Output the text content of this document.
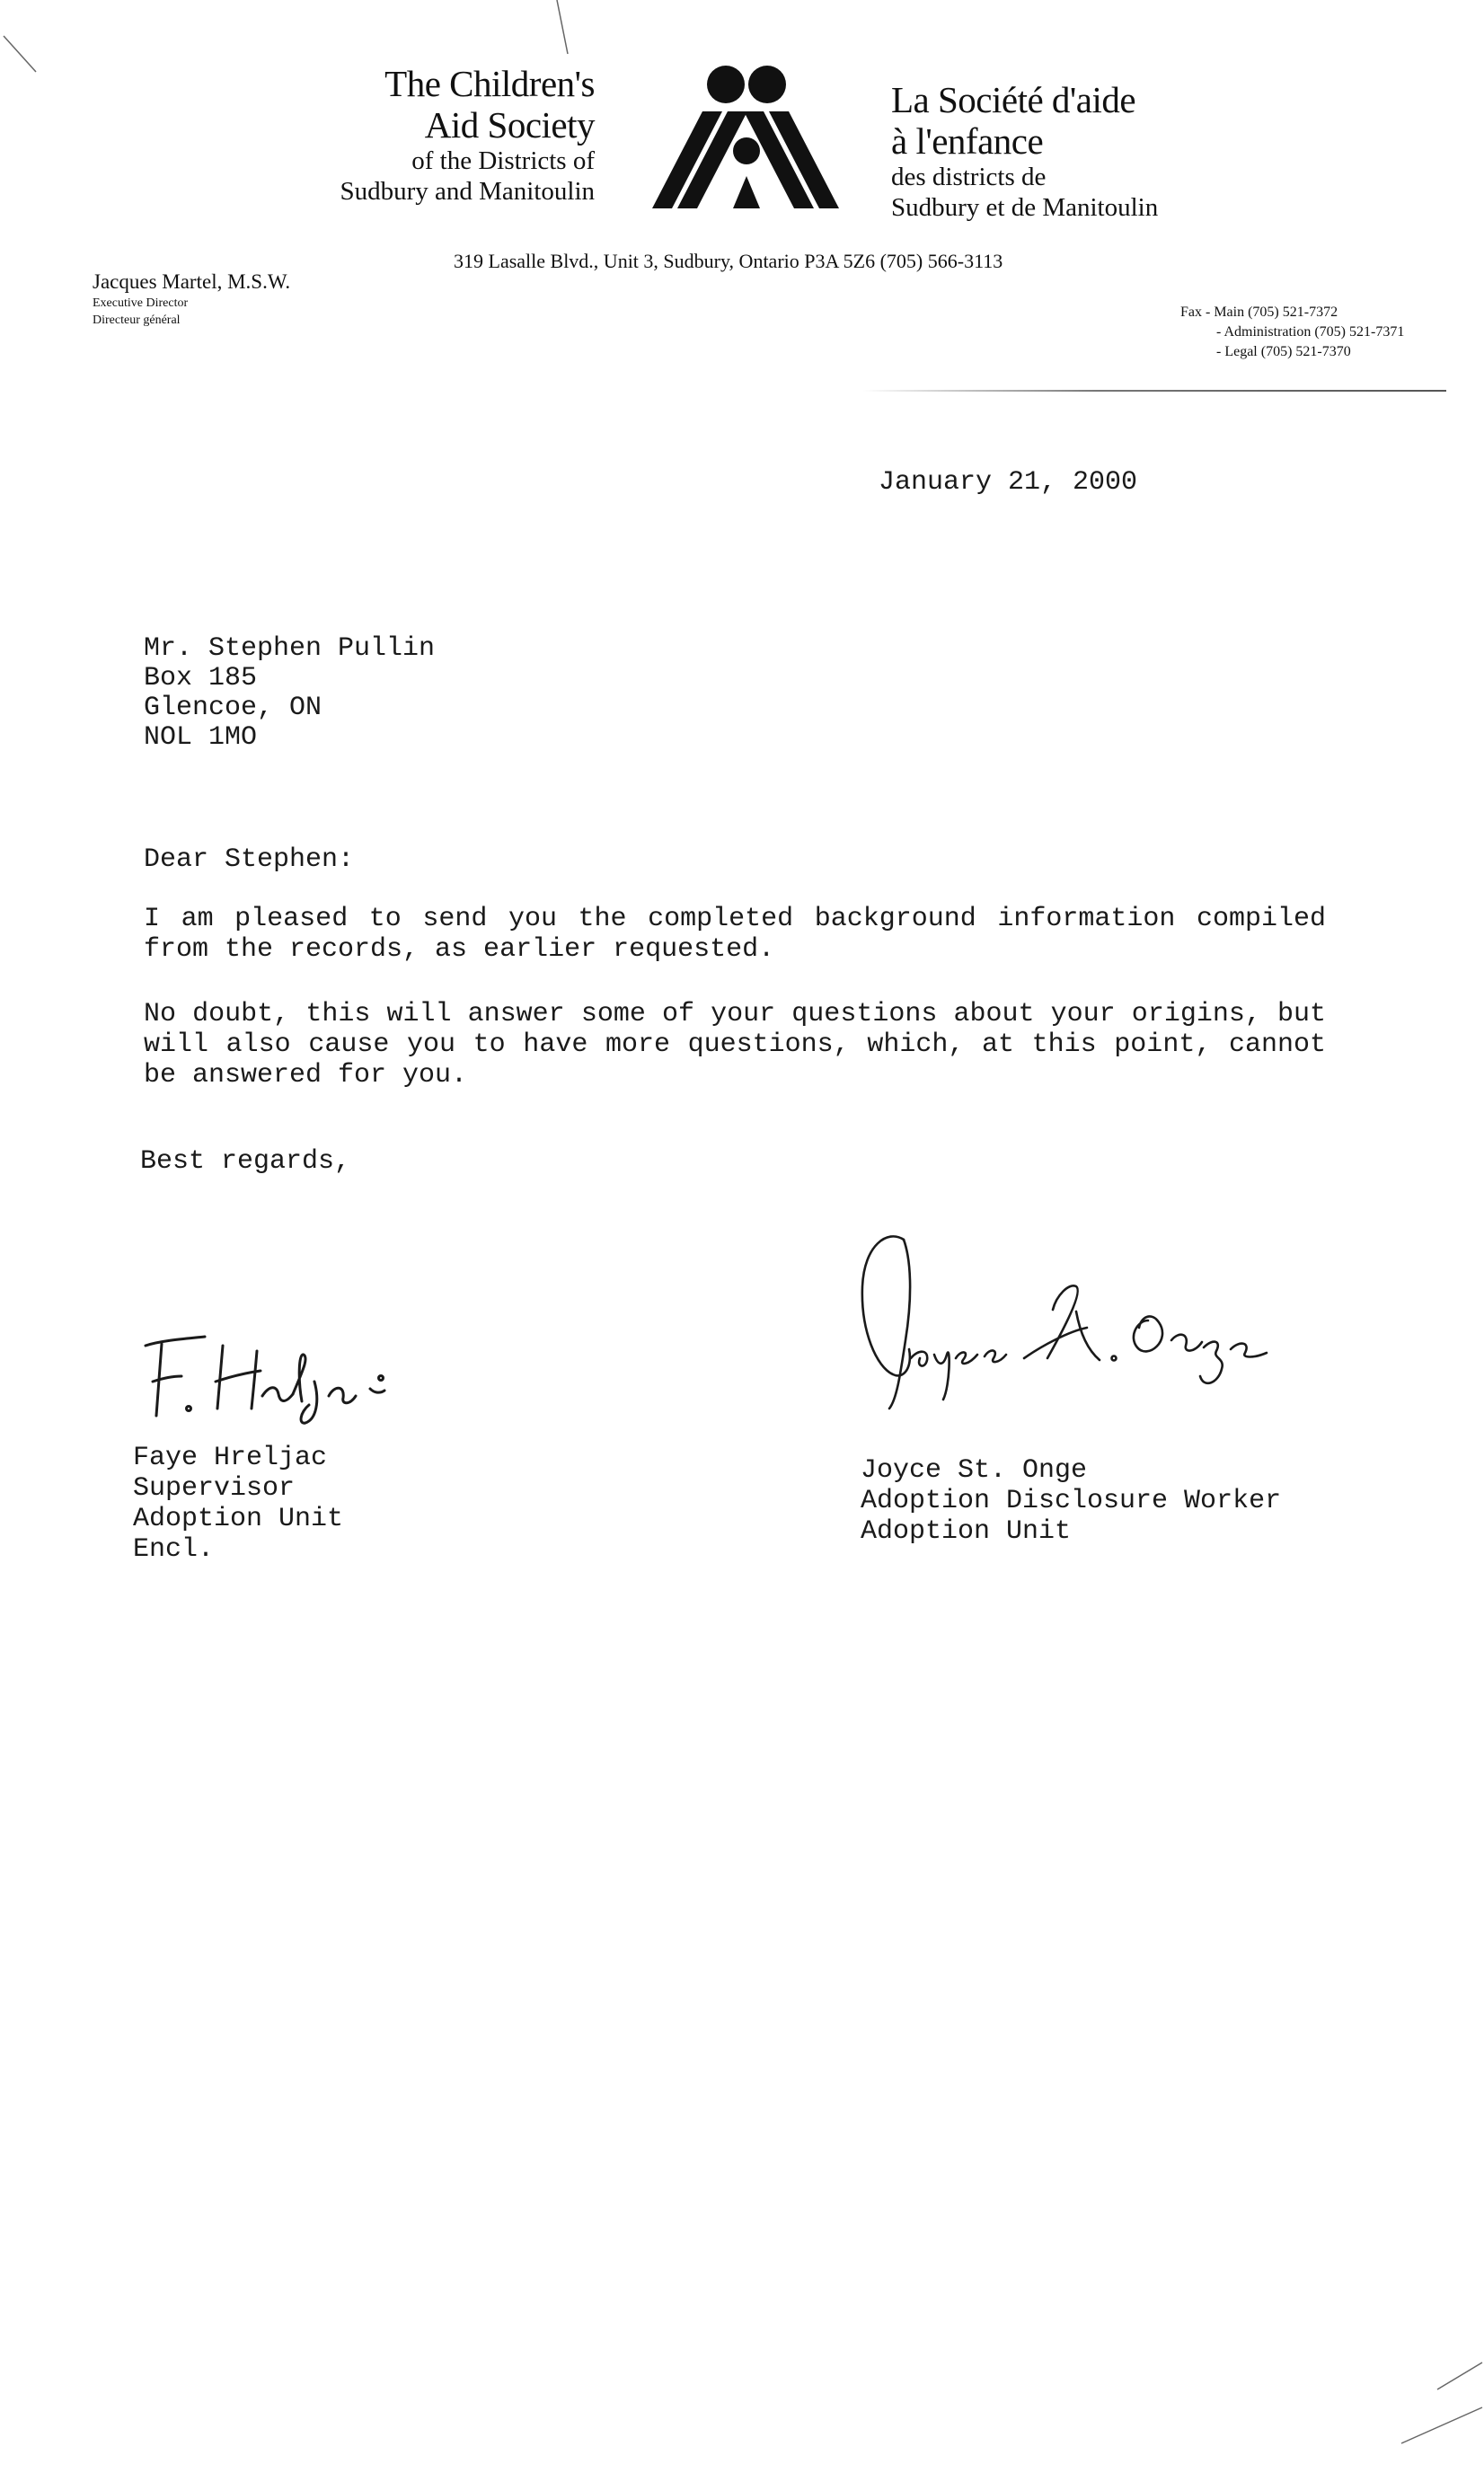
The Children's
Aid Society
of the Districts of
Sudbury and Manitoulin
La Société d'aide
à l'enfance
des districts de
Sudbury et de Manitoulin
319 Lasalle Blvd., Unit 3, Sudbury, Ontario P3A 5Z6 (705) 566-3113
Jacques Martel, M.S.W.
Executive Director
Directeur général
Fax - Main (705) 521-7372
- Administration (705) 521-7371
- Legal (705) 521-7370
January 21, 2000
Mr. Stephen Pullin
Box 185
Glencoe, ON
NOL 1MO
Dear Stephen:
I am pleased to send you the completed background information compiled from the records, as earlier requested.
No doubt, this will answer some of your questions about your origins, but will also cause you to have more questions, which, at this point, cannot be answered for you.
Best regards,
Faye Hreljac
Supervisor
Adoption Unit
Encl.
Joyce St. Onge
Adoption Disclosure Worker
Adoption Unit
